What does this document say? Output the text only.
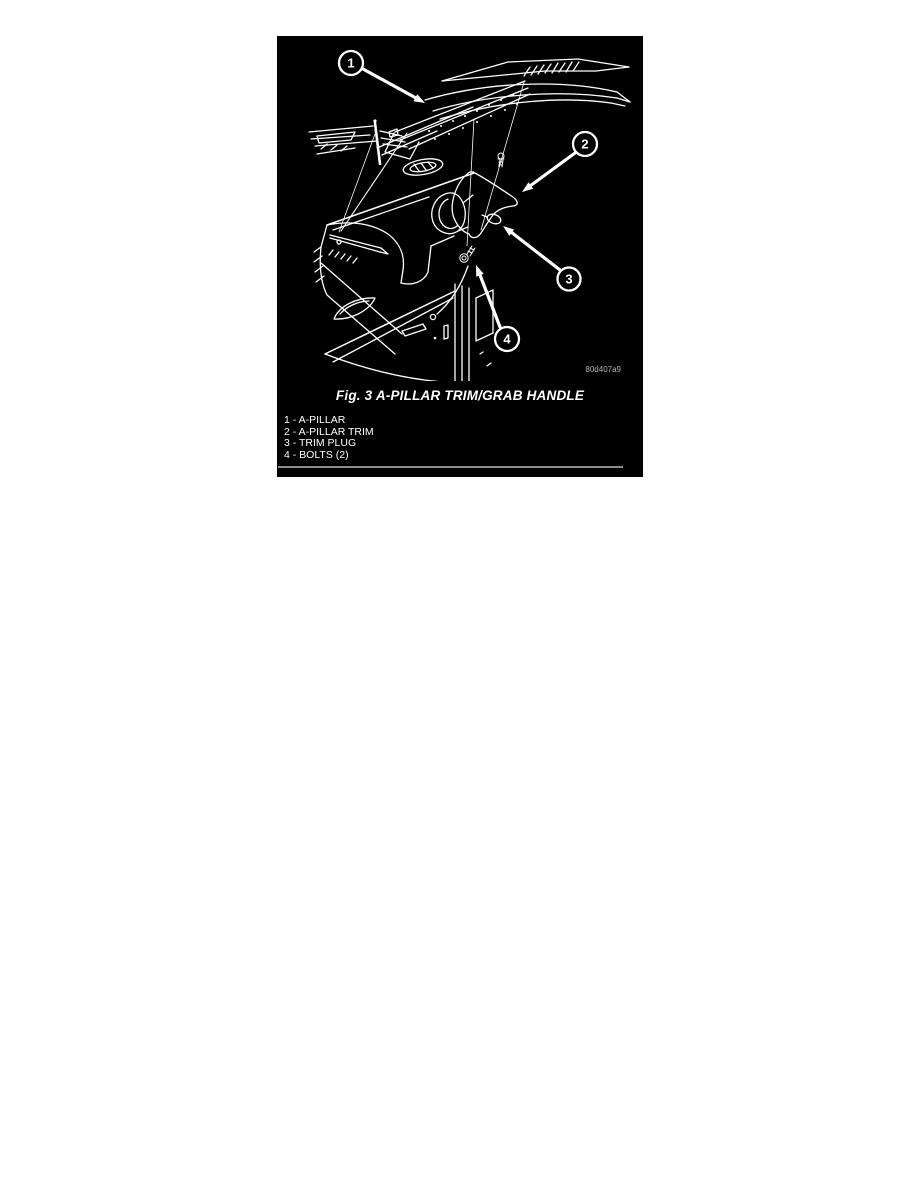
1
2
3
4
80d407a9
Fig. 3 A-PILLAR TRIM/GRAB HANDLE
1 - A-PILLAR
2 - A-PILLAR TRIM
3 - TRIM PLUG
4 - BOLTS (2)
